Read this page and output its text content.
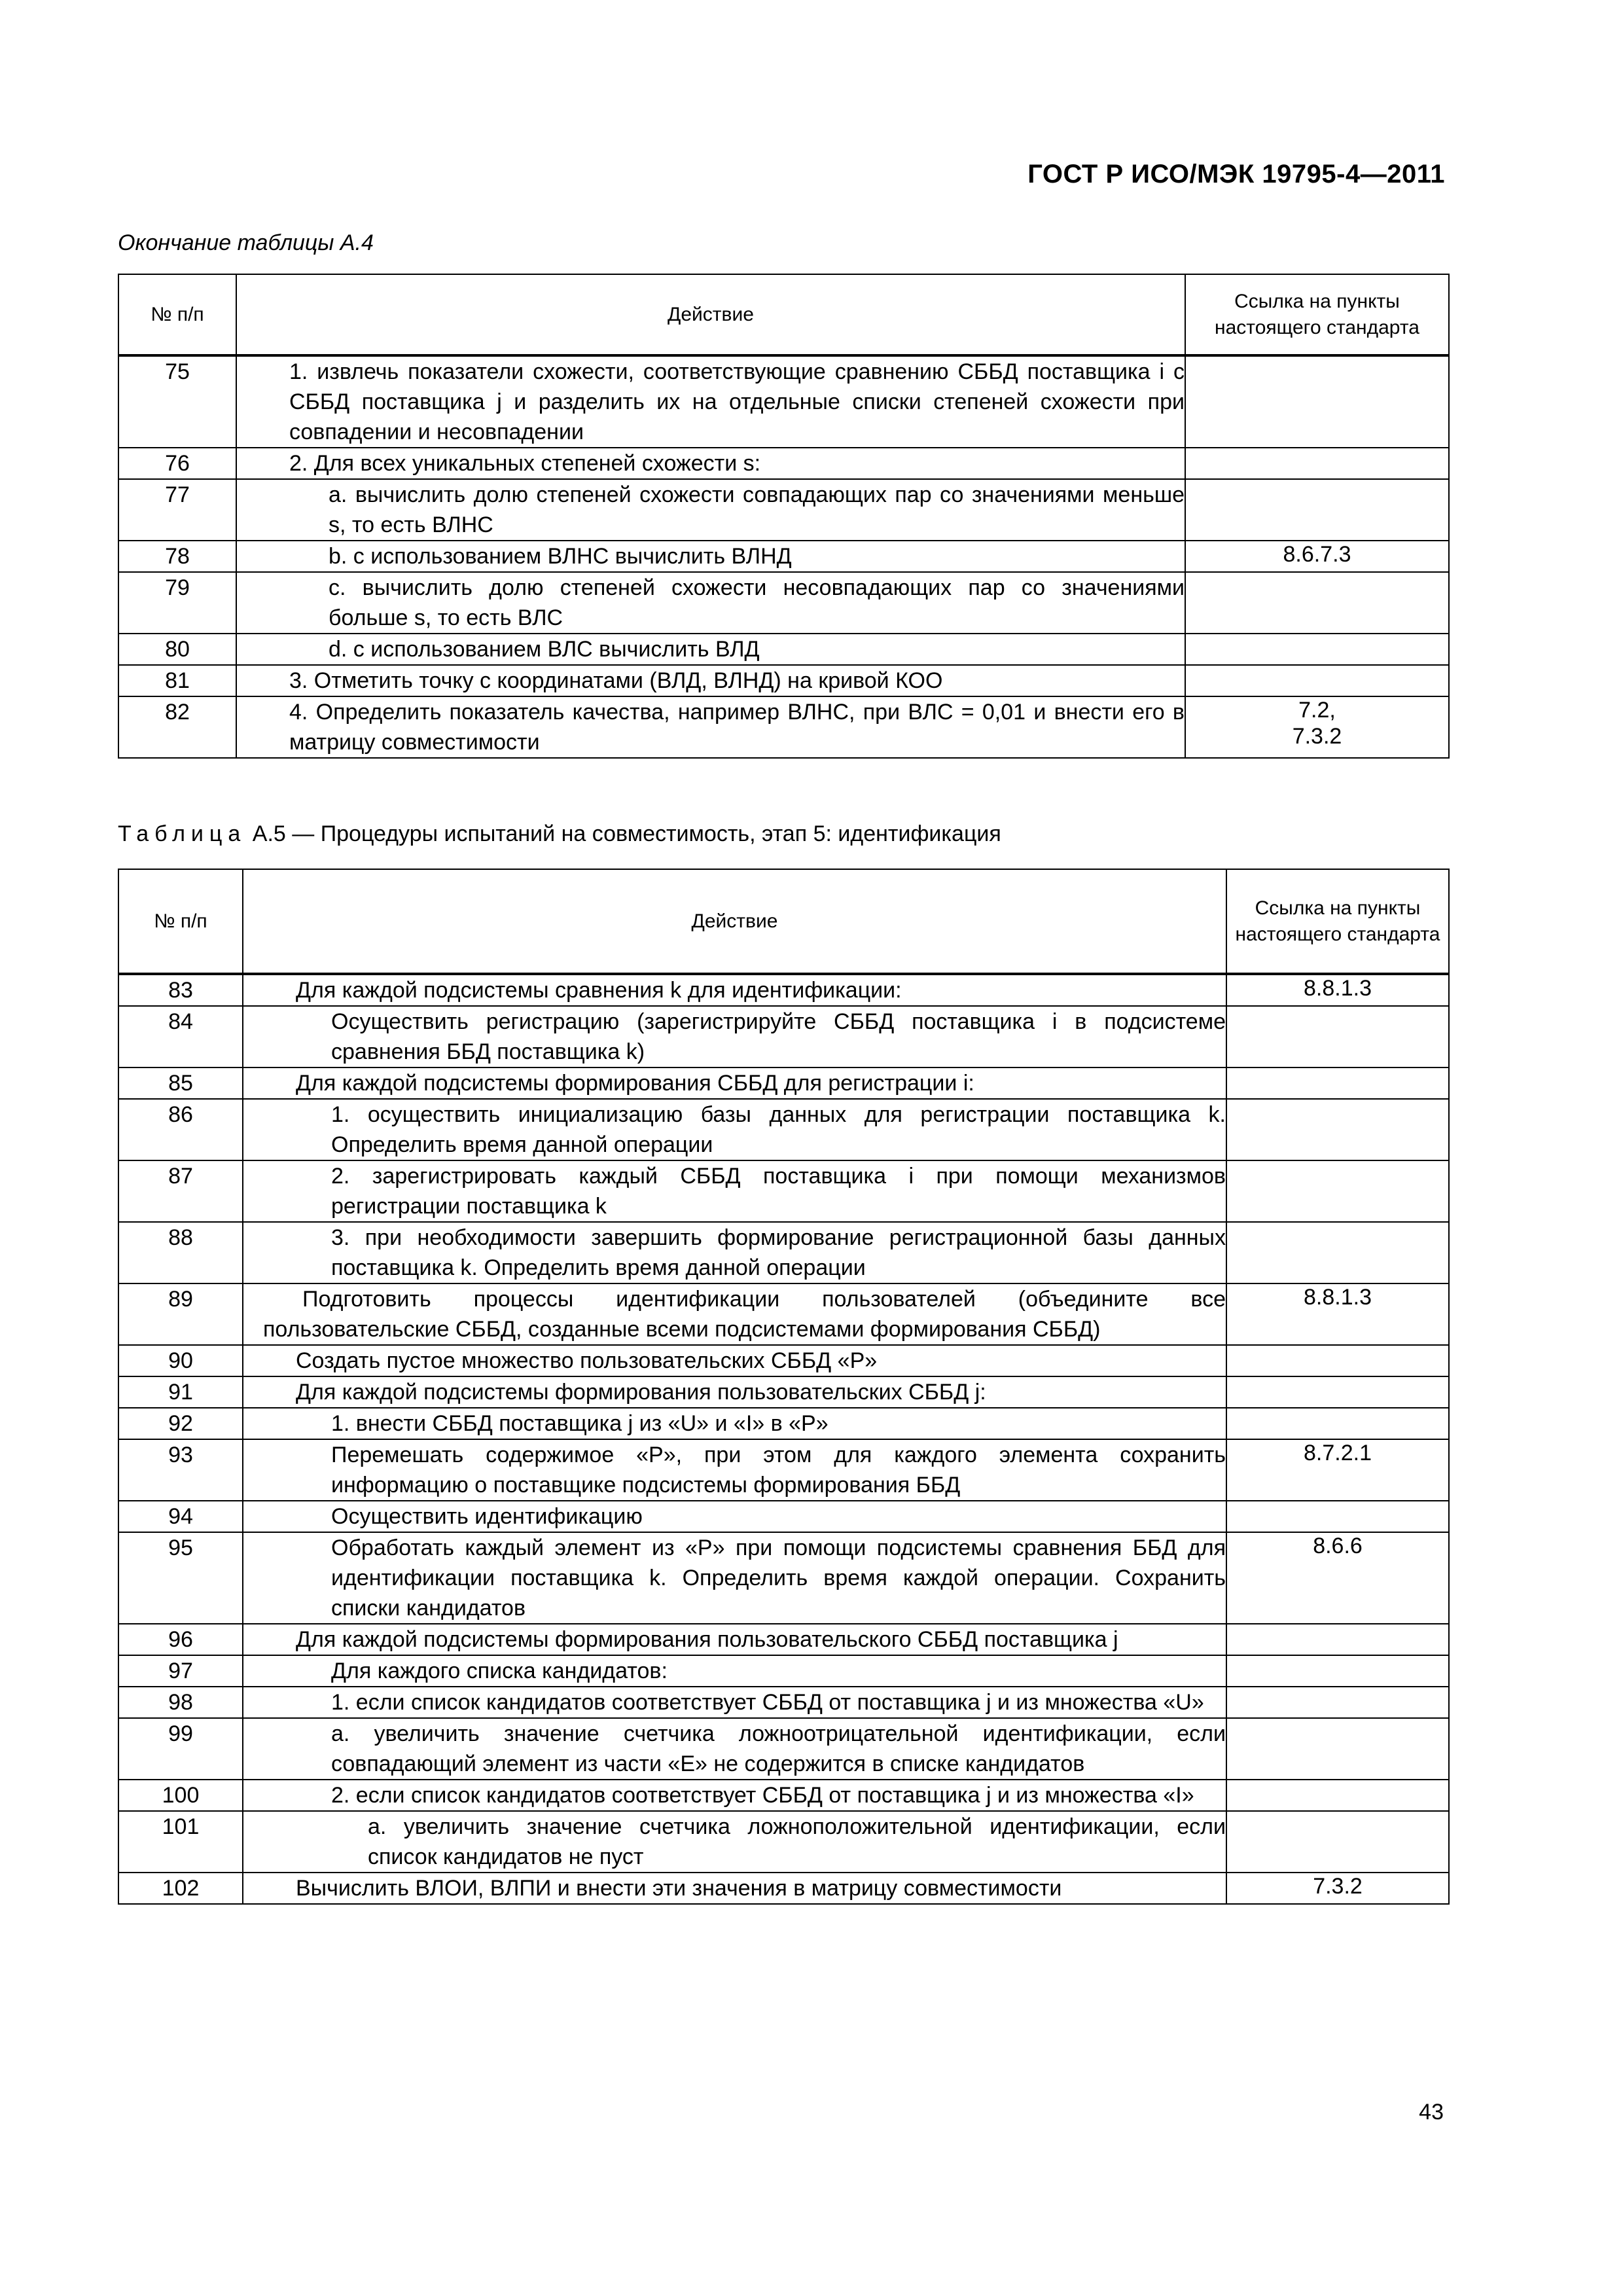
ГОСТ Р ИСО/МЭК 19795-4—2011
Окончание таблицы А.4
№ п/п	Действие	Ссылка на пункты настоящего стандарта
75	1. извлечь показатели схожести, соответствующие сравнению СББД поставщика i с СББД поставщика j и разделить их на отдельные списки степеней схожести при совпадении и несовпадении	
76	2. Для всех уникальных степеней схожести s:	
77	a. вычислить долю степеней схожести совпадающих пар со значениями меньше s, то есть ВЛНС	
78	b. с использованием ВЛНС вычислить ВЛНД	8.6.7.3
79	c. вычислить долю степеней схожести несовпадающих пар со значениями больше s, то есть ВЛС	
80	d. с использованием ВЛС вычислить ВЛД	
81	3. Отметить точку с координатами (ВЛД, ВЛНД) на кривой КОО	
82	4. Определить показатель качества, например ВЛНС, при ВЛС = 0,01 и внести его в матрицу совместимости	7.2,
7.3.2
Таблица А.5 — Процедуры испытаний на совместимость, этап 5: идентификация
№ п/п	Действие	Ссылка на пункты настоящего стандарта
83	Для каждой подсистемы сравнения k для идентификации:	8.8.1.3
84	Осуществить регистрацию (зарегистрируйте СББД поставщика i в подсистеме сравнения ББД поставщика k)	
85	Для каждой подсистемы формирования СББД для регистрации i:	
86	1. осуществить инициализацию базы данных для регистрации поставщика k. Определить время данной операции	
87	2. зарегистрировать каждый СББД поставщика i при помощи механизмов регистрации поставщика k	
88	3. при необходимости завершить формирование регистрационной базы данных поставщика k. Определить время данной операции	
89	Подготовить процессы идентификации пользователей (объедините все пользовательские СББД, созданные всеми подсистемами формирования СББД)	8.8.1.3
90	Создать пустое множество пользовательских СББД «P»	
91	Для каждой подсистемы формирования пользовательских СББД j:	
92	1. внести СББД поставщика j из «U» и «I» в «P»	
93	Перемешать содержимое «P», при этом для каждого элемента сохранить информацию о поставщике подсистемы формирования ББД	8.7.2.1
94	Осуществить идентификацию	
95	Обработать каждый элемент из «P» при помощи подсистемы сравнения ББД для идентификации поставщика k. Определить время каждой операции. Сохранить списки кандидатов	8.6.6
96	Для каждой подсистемы формирования пользовательского СББД поставщика j	
97	Для каждого списка кандидатов:	
98	1. если список кандидатов соответствует СББД от поставщика j и из множества «U»	
99	a. увеличить значение счетчика ложноотрицательной идентификации, если совпадающий элемент из части «E» не содержится в списке кандидатов	
100	2. если список кандидатов соответствует СББД от поставщика j и из множества «I»	
101	a. увеличить значение счетчика ложноположительной идентификации, если список кандидатов не пуст	
102	Вычислить ВЛОИ, ВЛПИ и внести эти значения в матрицу совместимости	7.3.2
43
